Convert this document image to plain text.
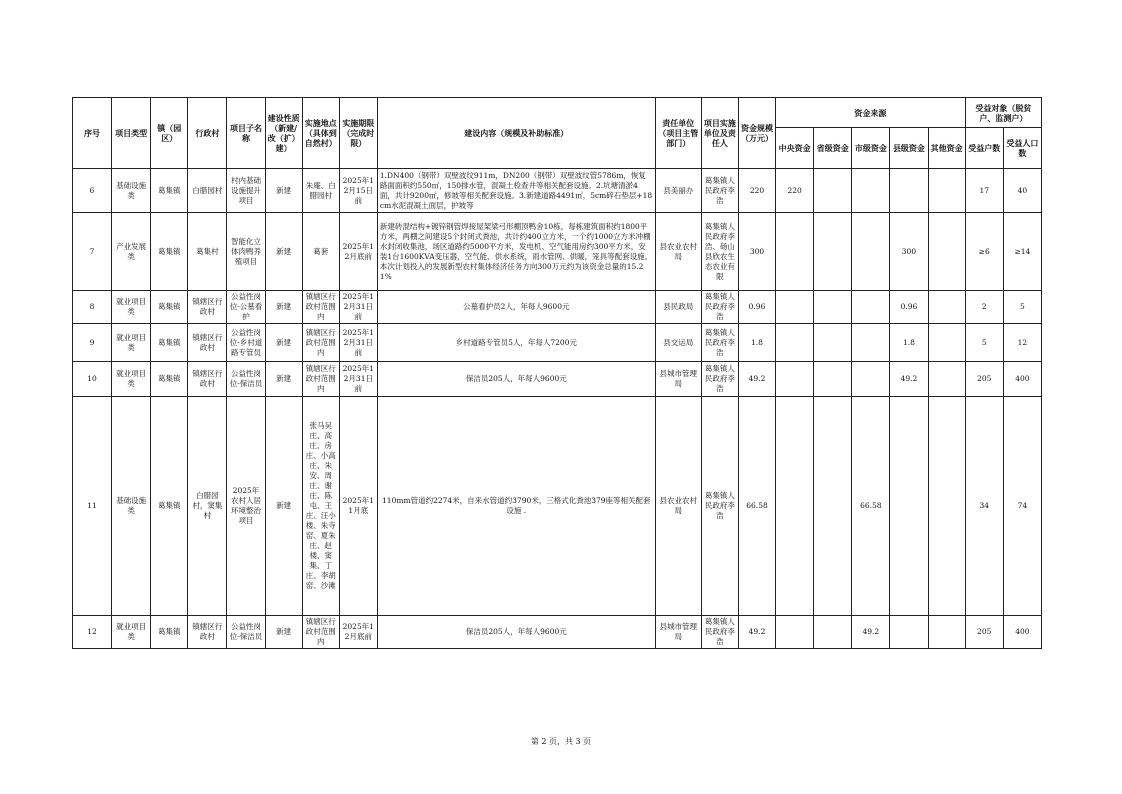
序号	项目类型	镇（园区）	行政村	项目子名称	建设性质（新建/改（扩）建）	实施地点（具体到自然村）	实施期限（完成时限）	建设内容（规模及补助标准）	责任单位（项目主管部门）	项目实施单位及责任人	资金规模（万元）	资金来源					受益对象（脱贫户、监测户）	
												中央资金	省级资金	市级资金	县级资金	其他资金	受益户数	受益人口数

6	基础设施类	葛集镇	白腊园村	村内基础设施提升项目	新建	朱庵、白腊园村	2025年12月15日前	1.DN400（钢带）双壁波纹911m，DN200（钢带）双壁波纹管5786m，恢复路面面积约550㎡，150排水管，混凝土检查井等相关配套设施。2.坑塘清淤4面，共计9200㎡，修坡等相关配套设施。3.新建道路4491㎡，5cm碎石垫层+18cm水泥混凝土面层，护坡等	县美丽办	葛集镇人民政府李浩	220	220					17	40

7	产业发展类	葛集镇	葛集村	智能化立体肉鸭养殖项目	新建	葛套	2025年12月底前	新建砖混结构+镀锌钢管焊接屋架梁弓形棚顶鸭舍10栋，每栋建筑面积约1800平方米，两棚之间建设5个封闭式粪池，共计约400立方米，一个约1000立方米冲棚水封闭收集池，场区道路约5000平方米，发电机、空气能用房约300平方米，安装1台1600KVA变压器，空气能、供水系统，雨水管网、供暖，笼具等配套设施。本次计划投入的发展新型农村集体经济任务方向300万元约为该资金总量的15.21%	县农业农村局	葛集镇人民政府李浩、砀山县欣农生态农业有限	300				300		≥6	≥14

8	就业项目类	葛集镇	镇辖区行政村	公益性岗位-公墓看护	新建	镇辖区行政村范围内	2025年12月31日前	公墓看护员2人，年每人9600元	县民政局	葛集镇人民政府李浩	0.96				0.96		2	5

9	就业项目类	葛集镇	镇辖区行政村	公益性岗位-乡村道路专管员	新建	镇辖区行政村范围内	2025年12月31日前	乡村道路专管员5人，年每人7200元	县交运局	葛集镇人民政府李浩	1.8				1.8		5	12

10	就业项目类	葛集镇	镇辖区行政村	公益性岗位-保洁员	新建	镇辖区行政村范围内	2025年12月31日前	保洁员205人，年每人9600元	县城市管理局	葛集镇人民政府李浩	49.2				49.2		205	400

11	基础设施类	葛集镇	白腊园村，窦集村	2025年农村人居环境整治项目	新建	张马吴庄、高庄、房庄、小高庄、朱安、周庄、谢庄、陈屯、王庄、汪小楼、朱寺窑、夏朱庄、赵楼、窦集、丁庄、李胡窑、沙滩	2025年11月底	110mm管道约2274米，自来水管道约3790米，三格式化粪池379座等相关配套设施 .	县农业农村局	葛集镇人民政府李浩	66.58			66.58			34	74

12	就业项目类	葛集镇	镇辖区行政村	公益性岗位-保洁员	新建	镇辖区行政村范围内	2025年12月底前	保洁员205人，年每人9600元	县城市管理局	葛集镇人民政府李浩	49.2			49.2			205	400
第 2 页，共 3 页
